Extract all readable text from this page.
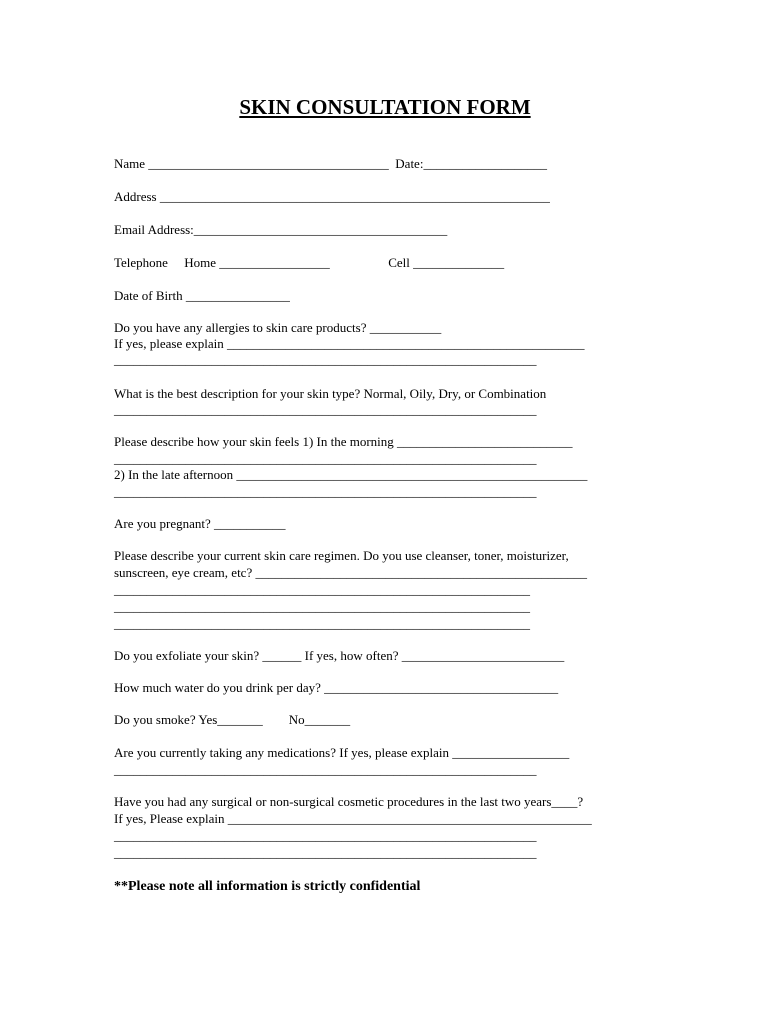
SKIN CONSULTATION FORM

Name _____________________________________  Date:___________________

Address ____________________________________________________________

Email Address:_______________________________________

Telephone     Home _________________                  Cell ______________

Date of Birth ________________

Do you have any allergies to skin care products? ___________

If yes, please explain _______________________________________________________

_________________________________________________________________

What is the best description for your skin type? Normal, Oily, Dry, or Combination

_________________________________________________________________

Please describe how your skin feels 1) In the morning ___________________________

_________________________________________________________________

2) In the late afternoon ______________________________________________________

_________________________________________________________________

Are you pregnant? ___________

Please describe your current skin care regimen. Do you use cleanser, toner, moisturizer,

sunscreen, eye cream, etc? ___________________________________________________

________________________________________________________________

________________________________________________________________

________________________________________________________________

Do you exfoliate your skin? ______ If yes, how often? _________________________

How much water do you drink per day? ____________________________________

Do you smoke? Yes_______        No_______

Are you currently taking any medications? If yes, please explain __________________

_________________________________________________________________

Have you had any surgical or non-surgical cosmetic procedures in the last two years____?

If yes, Please explain ________________________________________________________

_________________________________________________________________

_________________________________________________________________

**Please note all information is strictly confidential
